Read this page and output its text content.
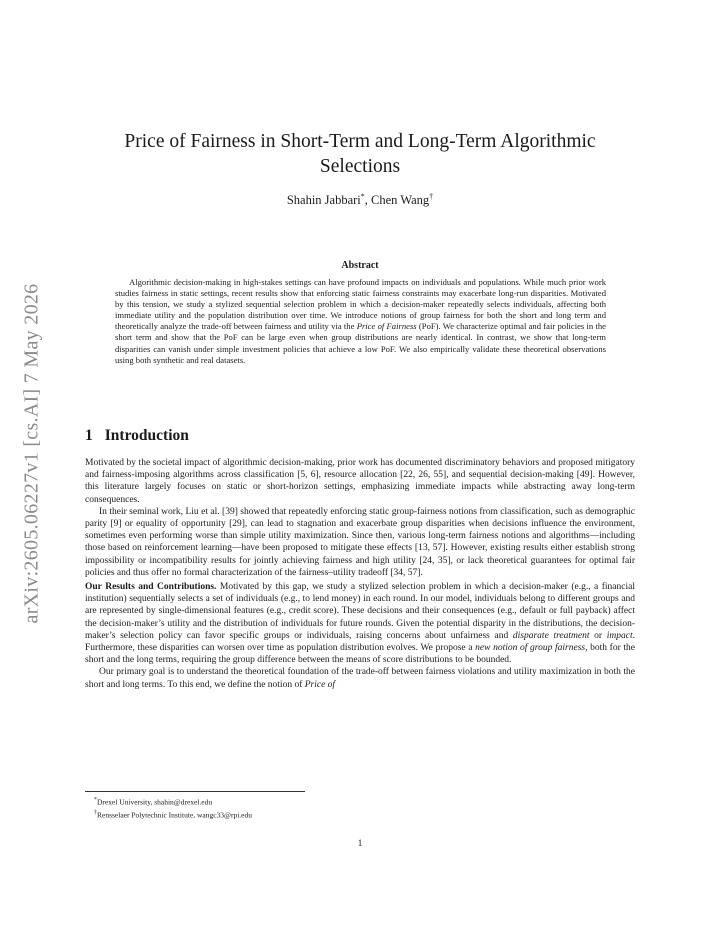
arXiv:2605.06227v1 [cs.AI] 7 May 2026
Price of Fairness in Short-Term and Long-Term Algorithmic Selections
Shahin Jabbari*, Chen Wang†
Abstract

Algorithmic decision-making in high-stakes settings can have profound impacts on individuals and populations. While much prior work studies fairness in static settings, recent results show that enforcing static fairness constraints may exacerbate long-run disparities. Motivated by this tension, we study a stylized sequential selection problem in which a decision-maker repeatedly selects individuals, affecting both immediate utility and the population distribution over time. We introduce notions of group fairness for both the short and long term and theoretically analyze the trade-off between fairness and utility via the Price of Fairness (PoF). We characterize optimal and fair policies in the short term and show that the PoF can be large even when group distributions are nearly identical. In contrast, we show that long-term disparities can vanish under simple investment policies that achieve a low PoF. We also empirically validate these theoretical observations using both synthetic and real datasets.

1 Introduction

Motivated by the societal impact of algorithmic decision-making, prior work has documented discriminatory behaviors and proposed mitigatory and fairness-imposing algorithms across classification [5, 6], resource allocation [22, 26, 55], and sequential decision-making [49]. However, this literature largely focuses on static or short-horizon settings, emphasizing immediate impacts while abstracting away long-term consequences.

In their seminal work, Liu et al. [39] showed that repeatedly enforcing static group-fairness notions from classification, such as demographic parity [9] or equality of opportunity [29], can lead to stagnation and exacerbate group disparities when decisions influence the environment, sometimes even performing worse than simple utility maximization. Since then, various long-term fairness notions and algorithms—including those based on reinforcement learning—have been proposed to mitigate these effects [13, 57]. However, existing results either establish strong impossibility or incompatibility results for jointly achieving fairness and high utility [24, 35], or lack theoretical guarantees for optimal fair policies and thus offer no formal characterization of the fairness–utility tradeoff [34, 57].

Our Results and Contributions. Motivated by this gap, we study a stylized selection problem in which a decision-maker (e.g., a financial institution) sequentially selects a set of individuals (e.g., to lend money) in each round. In our model, individuals belong to different groups and are represented by single-dimensional features (e.g., credit score). These decisions and their consequences (e.g., default or full payback) affect the decision-maker’s utility and the distribution of individuals for future rounds. Given the potential disparity in the distributions, the decision-maker’s selection policy can favor specific groups or individuals, raising concerns about unfairness and disparate treatment or impact. Furthermore, these disparities can worsen over time as population distribution evolves. We propose a new notion of group fairness, both for the short and the long terms, requiring the group difference between the means of score distributions to be bounded.

Our primary goal is to understand the theoretical foundation of the trade-off between fairness violations and utility maximization in both the short and long terms. To this end, we define the notion of Price of

*Drexel University, shahin@drexel.edu
†Rensselaer Polytechnic Institute, wangc33@rpi.edu
1
